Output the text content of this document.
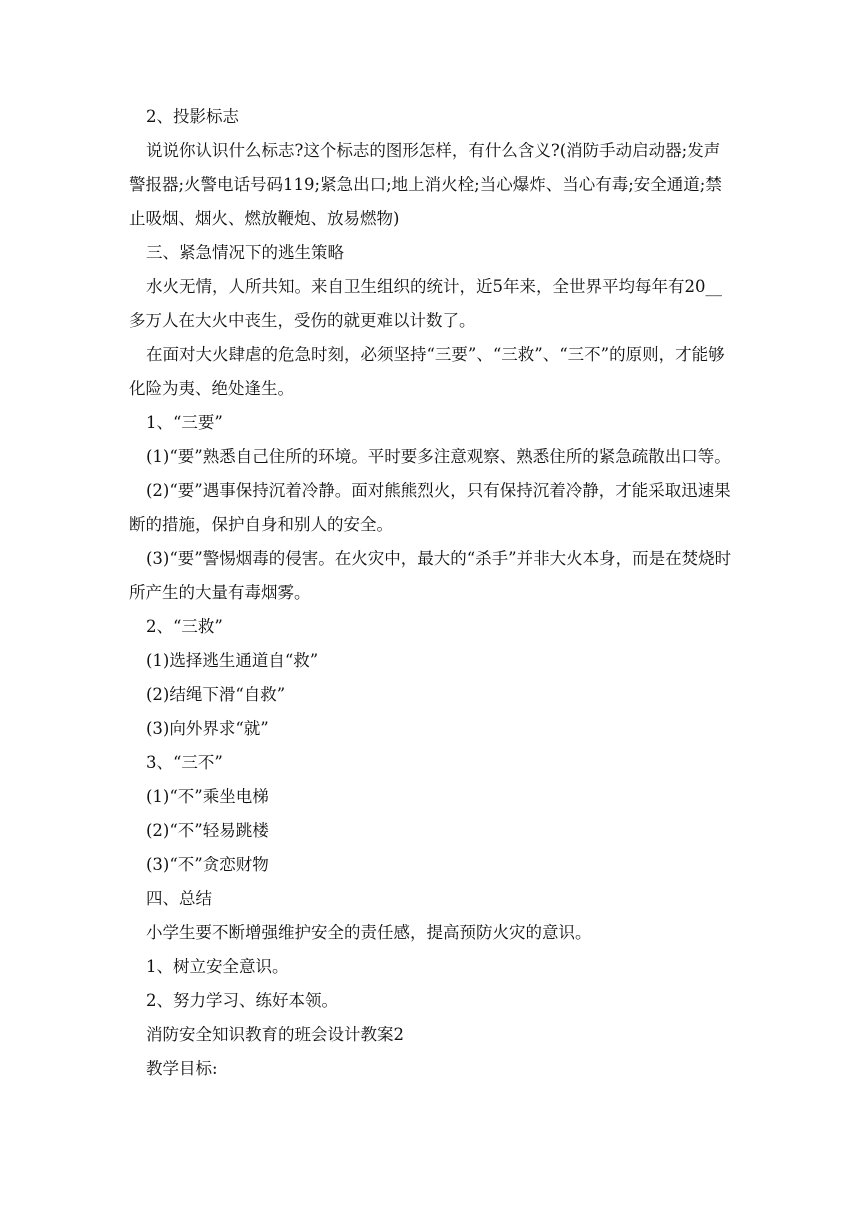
2、投影标志

说说你认识什么标志?这个标志的图形怎样，有什么含义?(消防手动启动器;发声警报器;火警电话号码119;紧急出口;地上消火栓;当心爆炸、当心有毒;安全通道;禁止吸烟、烟火、燃放鞭炮、放易燃物)

三、紧急情况下的逃生策略

水火无情，人所共知。来自卫生组织的统计，近5年来，全世界平均每年有20__多万人在大火中丧生，受伤的就更难以计数了。

在面对大火肆虐的危急时刻，必须坚持“三要”、“三救”、“三不”的原则，才能够化险为夷、绝处逢生。

1、“三要”

(1)“要”熟悉自己住所的环境。平时要多注意观察、熟悉住所的紧急疏散出口等。

(2)“要”遇事保持沉着冷静。面对熊熊烈火，只有保持沉着冷静，才能采取迅速果断的措施，保护自身和别人的安全。

(3)“要”警惕烟毒的侵害。在火灾中，最大的“杀手”并非大火本身，而是在焚烧时所产生的大量有毒烟雾。

2、“三救”

(1)选择逃生通道自“救”

(2)结绳下滑“自救”

(3)向外界求“就”

3、“三不”

(1)“不”乘坐电梯

(2)“不”轻易跳楼

(3)“不”贪恋财物

四、总结

小学生要不断增强维护安全的责任感，提高预防火灾的意识。

1、树立安全意识。

2、努力学习、练好本领。

消防安全知识教育的班会设计教案2

教学目标:
